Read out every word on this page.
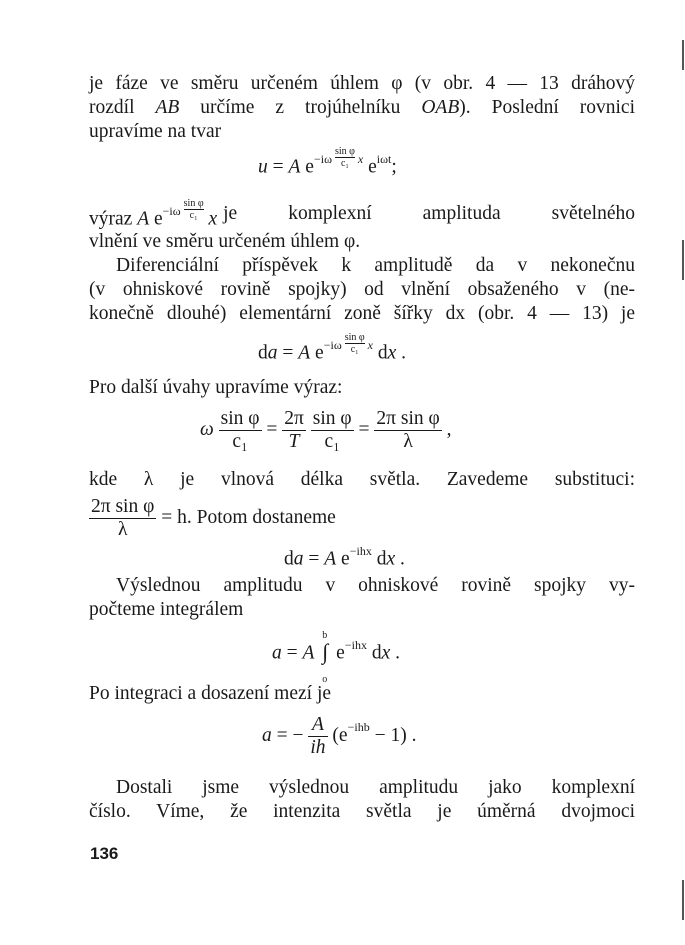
je fáze ve směru určeném úhlem φ (v obr. 4 — 13 dráhový
rozdíl AB určíme z trojúhelníku OAB). Poslední rovnici
upravíme na tvar
u = A $e^{-i\omega \frac{\text{sin φ}}{\text{c₁}} x}$ $e^{i\omega t}$;
výraz A $e^{-i\omega \frac{\text{sin φ}}{\text{c₁}}}$ x je komplexní amplituda světelného
vlnění ve směru určeném úhlem φ.
Diferenciální příspěvek k amplitudě da v nekonečnu
(v ohniskové rovině spojky) od vlnění obsaženého v (ne-
konečně dlouhé) elementární zoně šířky dx (obr. 4 — 13) je
da = A $e^{-i\omega \frac{\text{sin φ}}{\text{c₁}} x}$ dx .
Pro další úvahy upravíme výraz:
ω $\frac{\text{sin φ}}{\text{c₁}} = \frac{2\pi}{T}$
$\frac{\text{sin φ}}{\text{c₁}} = \frac{\text{2π sin φ}}{\lambda}$ ,
kde λ je vlnová délka světla. Zavedeme substituci:
$\frac{\text{2π sin φ}}{\lambda} = h$. Potom dostaneme
da = A $e^{-ihx}$ dx .
Výslednou amplitudu v ohniskové rovině spojky vy-
počteme integrálem
a = A
b
∫
o
$e^{-ihx}$ dx .
Po integraci a dosazení mezí je
a = − $\frac{A}{ih} (e^{-ihb} - 1)$ .
Dostali jsme výslednou amplitudu jako komplexní
číslo. Víme, že intenzita světla je úměrná dvojmoci
136
